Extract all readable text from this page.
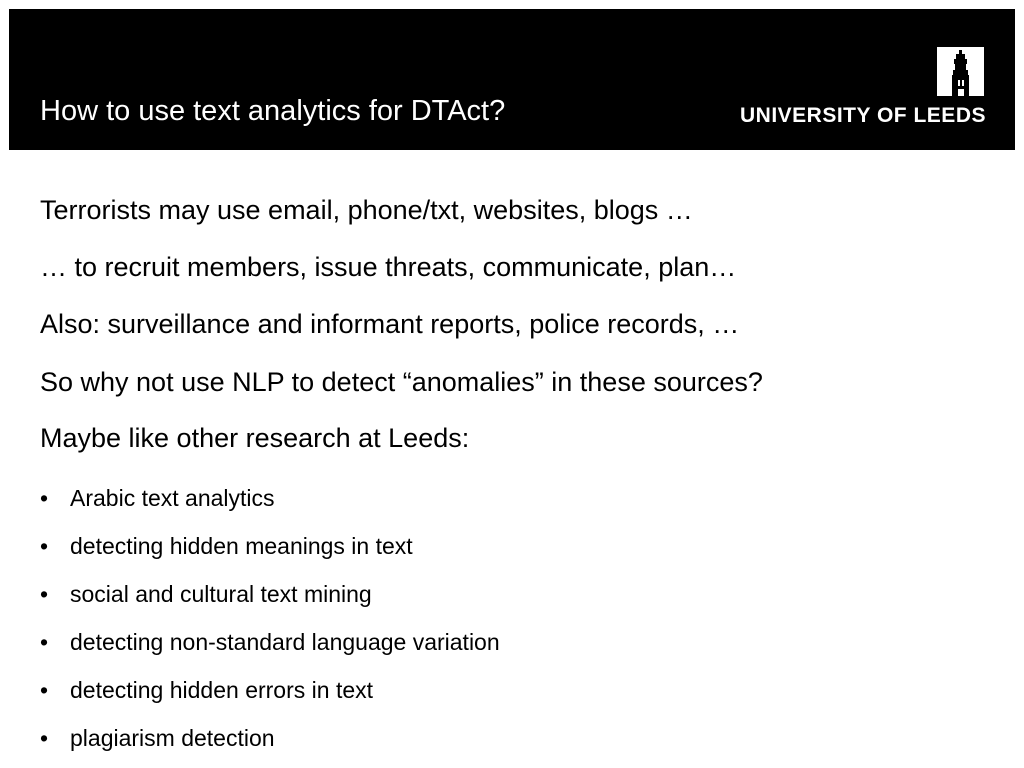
How to use text analytics for DTAct?	UNIVERSITY OF LEEDS
Terrorists may use email, phone/txt, websites, blogs …
… to recruit members, issue threats, communicate, plan…
Also: surveillance and informant reports, police records, …
So why not use NLP to detect “anomalies” in these sources?
Maybe like other research at Leeds:
• Arabic text analytics
• detecting hidden meanings in text
• social and cultural text mining
• detecting non-standard language variation
• detecting hidden errors in text
• plagiarism detection
